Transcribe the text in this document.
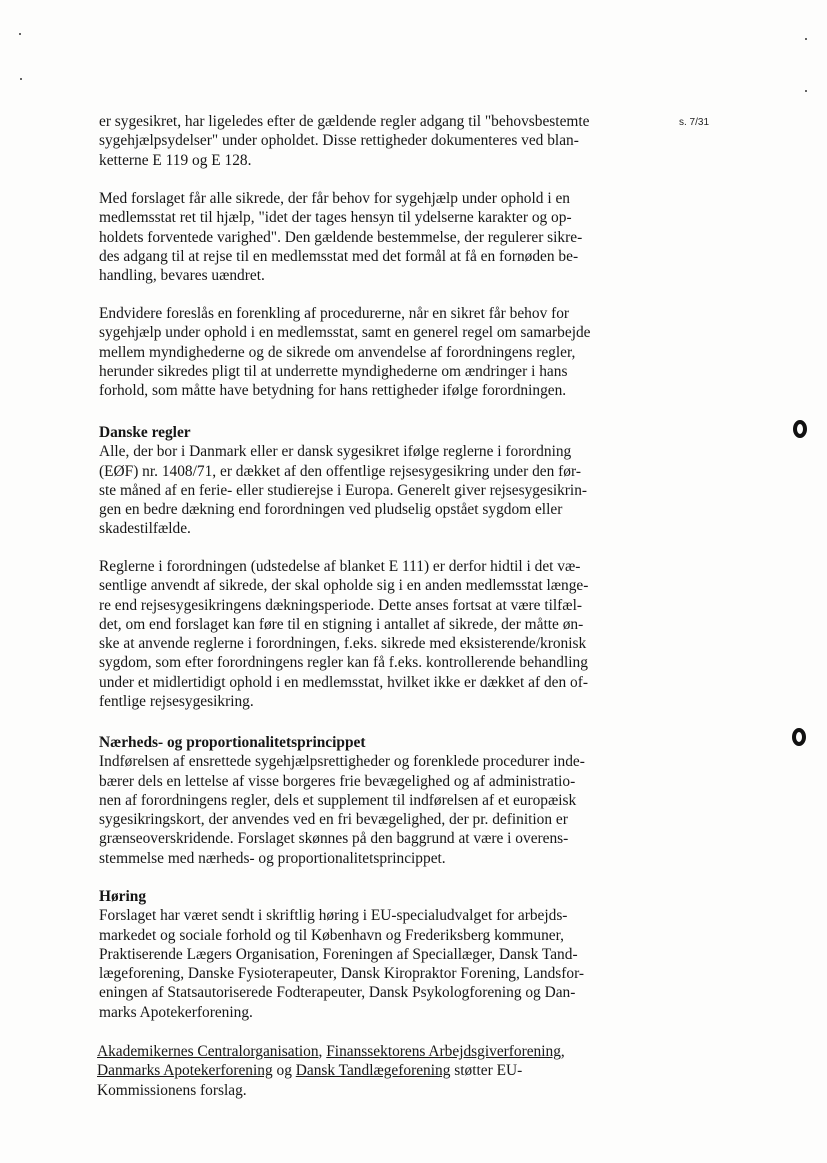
s. 7/31
er sygesikret, har ligeledes efter de gældende regler adgang til "behovsbestemte
sygehjælpsydelser" under opholdet. Disse rettigheder dokumenteres ved blan-
ketterne E 119 og E 128.
Med forslaget får alle sikrede, der får behov for sygehjælp under ophold i en
medlemsstat ret til hjælp, "idet der tages hensyn til ydelserne karakter og op-
holdets forventede varighed". Den gældende bestemmelse, der regulerer sikre-
des adgang til at rejse til en medlemsstat med det formål at få en fornøden be-
handling, bevares uændret.
Endvidere foreslås en forenkling af procedurerne, når en sikret får behov for
sygehjælp under ophold i en medlemsstat, samt en generel regel om samarbejde
mellem myndighederne og de sikrede om anvendelse af forordningens regler,
herunder sikredes pligt til at underrette myndighederne om ændringer i hans
forhold, som måtte have betydning for hans rettigheder ifølge forordningen.
Danske regler
Alle, der bor i Danmark eller er dansk sygesikret ifølge reglerne i forordning
(EØF) nr. 1408/71, er dækket af den offentlige rejsesygesikring under den før-
ste måned af en ferie- eller studierejse i Europa. Generelt giver rejsesygesikrin-
gen en bedre dækning end forordningen ved pludselig opstået sygdom eller
skadestilfælde.
Reglerne i forordningen (udstedelse af blanket E 111) er derfor hidtil i det væ-
sentlige anvendt af sikrede, der skal opholde sig i en anden medlemsstat længe-
re end rejsesygesikringens dækningsperiode. Dette anses fortsat at være tilfæl-
det, om end forslaget kan føre til en stigning i antallet af sikrede, der måtte øn-
ske at anvende reglerne i forordningen, f.eks. sikrede med eksisterende/kronisk
sygdom, som efter forordningens regler kan få f.eks. kontrollerende behandling
under et midlertidigt ophold i en medlemsstat, hvilket ikke er dækket af den of-
fentlige rejsesygesikring.
Nærheds- og proportionalitetsprincippet
Indførelsen af ensrettede sygehjælpsrettigheder og forenklede procedurer inde-
bærer dels en lettelse af visse borgeres frie bevægelighed og af administratio-
nen af forordningens regler, dels et supplement til indførelsen af et europæisk
sygesikringskort, der anvendes ved en fri bevægelighed, der pr. definition er
grænseoverskridende. Forslaget skønnes på den baggrund at være i overens-
stemmelse med nærheds- og proportionalitetsprincippet.
Høring
Forslaget har været sendt i skriftlig høring i EU-specialudvalget for arbejds-
markedet og sociale forhold og til København og Frederiksberg kommuner,
Praktiserende Lægers Organisation, Foreningen af Speciallæger, Dansk Tand-
lægeforening, Danske Fysioterapeuter, Dansk Kiropraktor Forening, Landsfor-
eningen af Statsautoriserede Fodterapeuter, Dansk Psykologforening og Dan-
marks Apotekerforening.
Akademikernes Centralorganisation, Finanssektorens Arbejdsgiverforening,
Danmarks Apotekerforening og Dansk Tandlægeforening støtter EU-
Kommissionens forslag.
